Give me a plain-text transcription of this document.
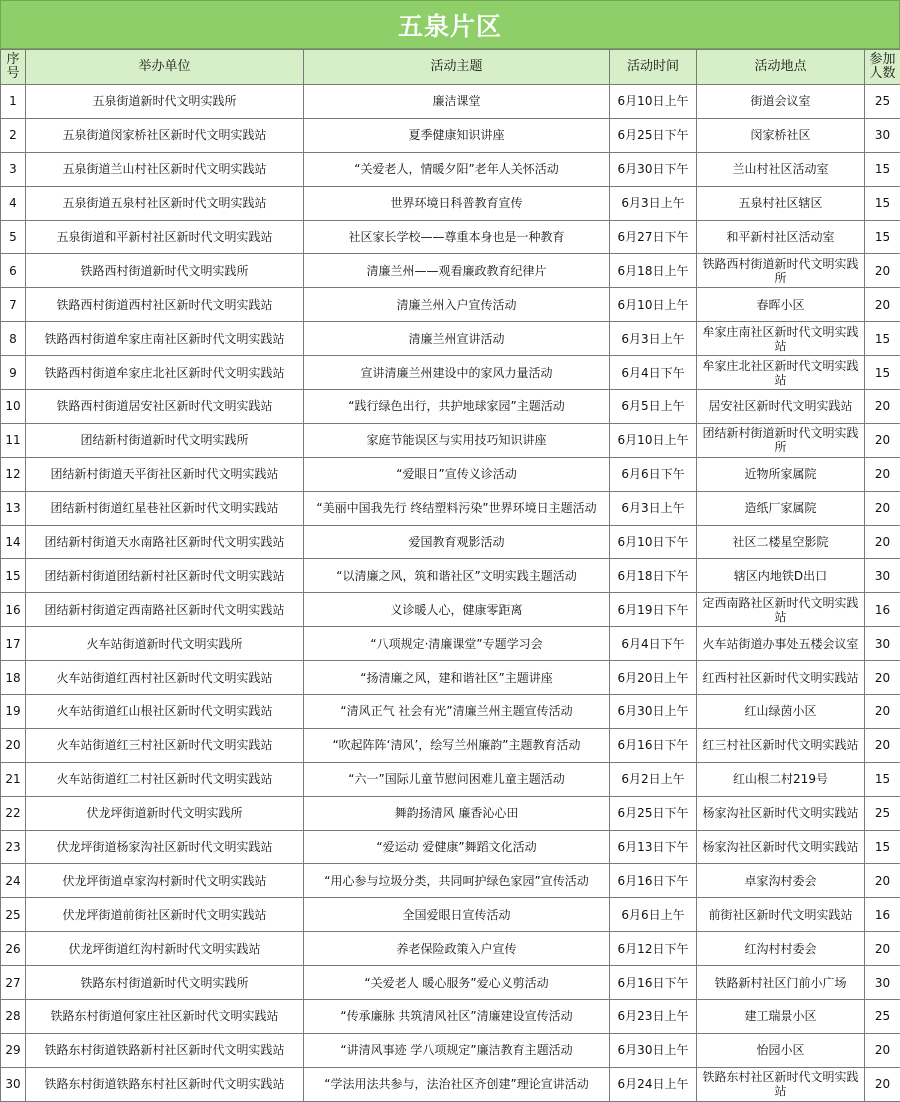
五泉片区
序号	举办单位	活动主题	活动时间	活动地点	参加人数
1	五泉街道新时代文明实践所	廉洁课堂	6月10日上午	街道会议室	25
2	五泉街道闵家桥社区新时代文明实践站	夏季健康知识讲座	6月25日下午	闵家桥社区	30
3	五泉街道兰山村社区新时代文明实践站	“关爱老人，情暖夕阳”老年人关怀活动	6月30日下午	兰山村社区活动室	15
4	五泉街道五泉村社区新时代文明实践站	世界环境日科普教育宣传	6月3日上午	五泉村社区辖区	15
5	五泉街道和平新村社区新时代文明实践站	社区家长学校——尊重本身也是一种教育	6月27日下午	和平新村社区活动室	15
6	铁路西村街道新时代文明实践所	清廉兰州——观看廉政教育纪律片	6月18日上午	铁路西村街道新时代文明实践所	20
7	铁路西村街道西村社区新时代文明实践站	清廉兰州入户宣传活动	6月10日上午	春晖小区	20
8	铁路西村街道牟家庄南社区新时代文明实践站	清廉兰州宣讲活动	6月3日上午	牟家庄南社区新时代文明实践站	15
9	铁路西村街道牟家庄北社区新时代文明实践站	宣讲清廉兰州建设中的家风力量活动	6月4日下午	牟家庄北社区新时代文明实践站	15
10	铁路西村街道居安社区新时代文明实践站	“践行绿色出行，共护地球家园”主题活动	6月5日上午	居安社区新时代文明实践站	20
11	团结新村街道新时代文明实践所	家庭节能误区与实用技巧知识讲座	6月10日上午	团结新村街道新时代文明实践所	20
12	团结新村街道天平街社区新时代文明实践站	“爱眼日”宣传义诊活动	6月6日下午	近物所家属院	20
13	团结新村街道红星巷社区新时代文明实践站	“美丽中国我先行 终结塑料污染”世界环境日主题活动	6月3日上午	造纸厂家属院	20
14	团结新村街道天水南路社区新时代文明实践站	爱国教育观影活动	6月10日下午	社区二楼星空影院	20
15	团结新村街道团结新村社区新时代文明实践站	“以清廉之风，筑和谐社区”文明实践主题活动	6月18日下午	辖区内地铁D出口	30
16	团结新村街道定西南路社区新时代文明实践站	义诊暖人心，健康零距离	6月19日下午	定西南路社区新时代文明实践站	16
17	火车站街道新时代文明实践所	“八项规定·清廉课堂”专题学习会	6月4日下午	火车站街道办事处五楼会议室	30
18	火车站街道红西村社区新时代文明实践站	“扬清廉之风，建和谐社区”主题讲座	6月20日上午	红西村社区新时代文明实践站	20
19	火车站街道红山根社区新时代文明实践站	“清风正气 社会有光”清廉兰州主题宣传活动	6月30日上午	红山绿茵小区	20
20	火车站街道红三村社区新时代文明实践站	“吹起阵阵‘清风’，绘写兰州廉韵”主题教育活动	6月16日下午	红三村社区新时代文明实践站	20
21	火车站街道红二村社区新时代文明实践站	“六一”国际儿童节慰问困难儿童主题活动	6月2日上午	红山根二村219号	15
22	伏龙坪街道新时代文明实践所	舞韵扬清风 廉香沁心田	6月25日下午	杨家沟社区新时代文明实践站	25
23	伏龙坪街道杨家沟社区新时代文明实践站	“爱运动 爱健康”舞蹈文化活动	6月13日下午	杨家沟社区新时代文明实践站	15
24	伏龙坪街道卓家沟村新时代文明实践站	“用心参与垃圾分类，共同呵护绿色家园”宣传活动	6月16日下午	卓家沟村委会	20
25	伏龙坪街道前街社区新时代文明实践站	全国爱眼日宣传活动	6月6日上午	前街社区新时代文明实践站	16
26	伏龙坪街道红沟村新时代文明实践站	养老保险政策入户宣传	6月12日下午	红沟村村委会	20
27	铁路东村街道新时代文明实践所	“关爱老人 暖心服务”爱心义剪活动	6月16日下午	铁路新村社区门前小广场	30
28	铁路东村街道何家庄社区新时代文明实践站	“传承廉脉 共筑清风社区”清廉建设宣传活动	6月23日上午	建工瑞景小区	25
29	铁路东村街道铁路新村社区新时代文明实践站	“讲清风事迹 学八项规定”廉洁教育主题活动	6月30日上午	怡园小区	20
30	铁路东村街道铁路东村社区新时代文明实践站	“学法用法共参与，法治社区齐创建”理论宣讲活动	6月24日上午	铁路东村社区新时代文明实践站	20
